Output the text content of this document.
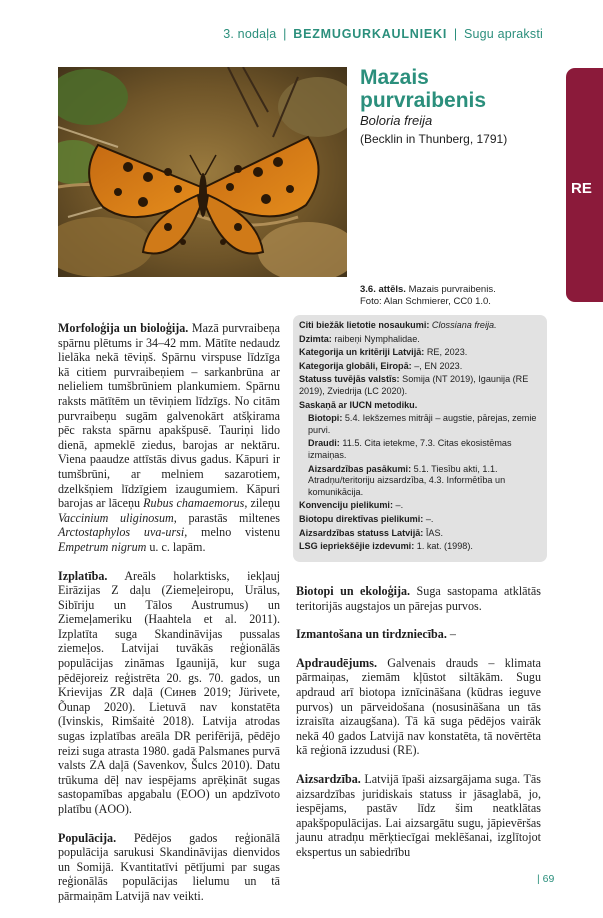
3. nodaļa | BEZMUGURKAULNIEKI | Sugu apraksti
RE
Mazais purvraibenis
Boloria freija
(Becklin in Thunberg, 1791)
3.6. attēls. Mazais purvraibenis.
Foto: Alan Schmierer, CC0 1.0.

Morfoloģija un bioloģija. Mazā purvraibeņa spārnu plētums ir 34–42 mm. Mātīte nedaudz lielāka nekā tēviņš. Spārnu virspuse līdzīga kā citiem purvraibeņiem – sarkanbrūna ar nelieliem tumšbrūniem plankumiem. Spārnu raksts mātītēm un tēviņiem līdzīgs. No citām purvraibeņu sugām galvenokārt atšķirama pēc raksta spārnu apakšpusē. Tauriņi lido dienā, apmeklē ziedus, barojas ar nektāru. Viena paaudze attīstās divus gadus. Kāpuri ir tumšbrūni, ar melniem sazarotiem, dzelkšņiem līdzīgiem izaugumiem. Kāpuri barojas ar lāceņu Rubus chamaemorus, zileņu Vaccinium uliginosum, parastās miltenes Arctostaphylos uva-ursi, melno vistenu Empetrum nigrum u. c. lapām.

Izplatība. Areāls holarktisks, iekļauj Eirāzijas Z daļu (Ziemeļeiropu, Urālus, Sibīriju un Tālos Austrumus) un Ziemeļameriku (Haahtela et al. 2011). Izplatīta suga Skandināvijas pussalas ziemeļos. Latvijai tuvākās reģionālās populācijas zināmas Igaunijā, kur suga pēdējoreiz reģistrēta 20. gs. 70. gados, un Krievijas ZR daļā (Синев 2019; Jürivete, Õunap 2020). Lietuvā nav konstatēta (Ivinskis, Rimšaitė 2018). Latvija atrodas sugas izplatības areāla DR perifērijā, pēdējo reizi suga atrasta 1980. gadā Palsmanes purvā valsts ZA daļā (Savenkov, Šulcs 2010). Datu trūkuma dēļ nav iespējams aprēķināt sugas sastopamības apgabalu (EOO) un apdzīvoto platību (AOO).

Populācija. Pēdējos gados reģionālā populācija sarukusi Skandināvijas dienvidos un Somijā. Kvantitatīvi pētījumi par sugas reģionālās populācijas lielumu un tā pārmaiņām Latvijā nav veikti.

Citi biežāk lietotie nosaukumi: Clossiana freija.
Dzimta: raibeņi Nymphalidae.
Kategorija un kritēriji Latvijā: RE, 2023.
Kategorija globāli, Eiropā: –, EN 2023.
Statuss tuvējās valstīs: Somija (NT 2019), Igaunija (RE 2019), Zviedrija (LC 2020).
Saskaņā ar IUCN metodiku.
Biotopi: 5.4. Iekšzemes mitrāji – augstie, pārejas, zemie purvi.
Draudi: 11.5. Cita ietekme, 7.3. Citas ekosistēmas izmaiņas.
Aizsardzības pasākumi: 5.1. Tiesību akti, 1.1. Atradņu/teritoriju aizsardzība, 4.3. Informētība un komunikācija.
Konvenciju pielikumi: –.
Biotopu direktīvas pielikumi: –.
Aizsardzības statuss Latvijā: ĪAS.
LSG iepriekšējie izdevumi: 1. kat. (1998).

Biotopi un ekoloģija. Suga sastopama atklātās teritorijās augstajos un pārejas purvos.

Izmantošana un tirdzniecība. –

Apdraudējums. Galvenais drauds – klimata pārmaiņas, ziemām kļūstot siltākām. Sugu apdraud arī biotopa iznīcināšana (kūdras ieguve purvos) un pārveidošana (nosusināšana un tās izraisīta aizaugšana). Tā kā suga pēdējos vairāk nekā 40 gados Latvijā nav konstatēta, tā novērtēta kā reģionā izzudusi (RE).

Aizsardzība. Latvijā īpaši aizsargājama suga. Tās aizsardzības juridiskais statuss ir jāsaglabā, jo, iespējams, pastāv līdz šim neatklātas apakšpopulācijas. Lai aizsargātu sugu, jāpievēršas jaunu atradņu mērķtiecīgai meklēšanai, izglītojot ekspertus un sabiedrību

| 69
